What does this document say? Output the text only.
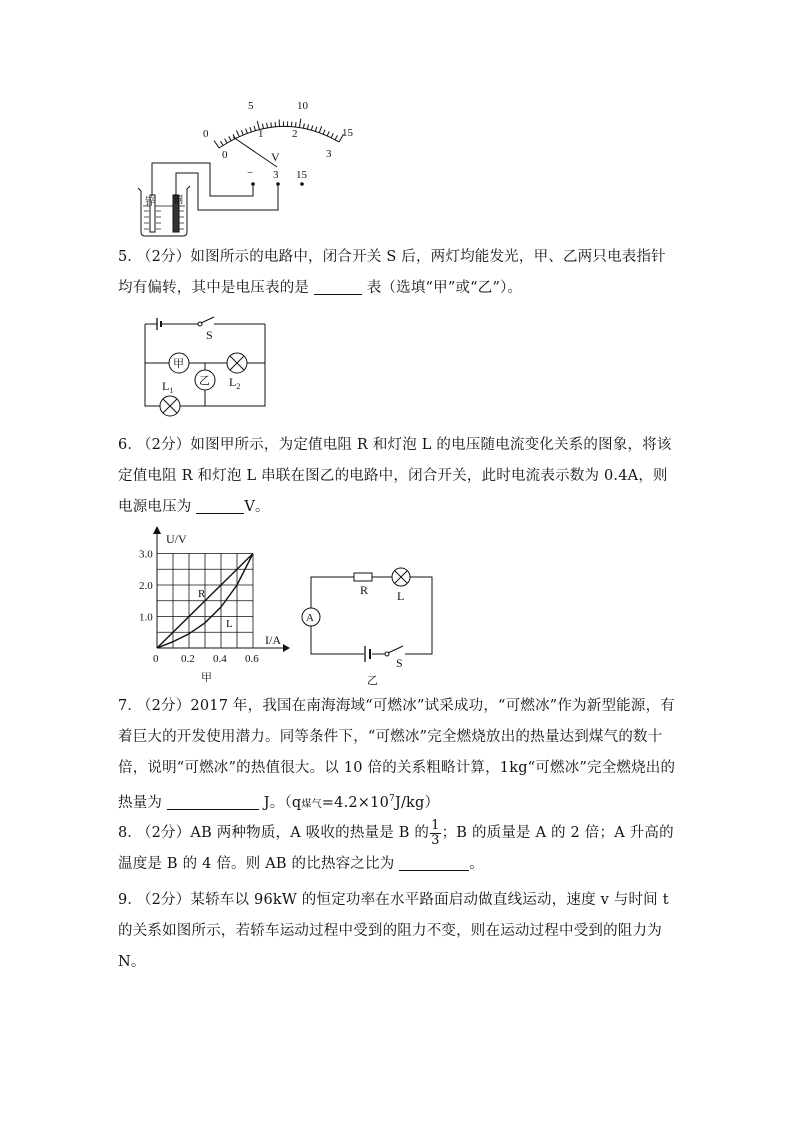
5	10
0	15
0
1	2
3
V
− 3 15
锌 铜
5． （2分）如图所示的电路中，闭合开关 S 后，两灯均能发光，甲、乙两只电表指针均有偏转，其中是电压表的是	表（选填“甲”或“乙”）。
S
甲
$L_2$
乙
$L_1$
6． （2分）如图甲所示，为定值电阻 R 和灯泡 L 的电压随电流变化关系的图象，将该定值电阻 R 和灯泡 L 串联在图乙的电路中，闭合开关，此时电流表示数为 0.4A，则电源电压为	V。
0 0.2 0.4 0.6
1.0
2.0
3.0
U/V
I/A
R
L
甲
R L
A
S
乙
7． （2分）2017 年，我国在南海海域“可燃冰”试采成功，“可燃冰”作为新型能源，有着巨大的开发使用潜力。同等条件下，“可燃冰”完全燃烧放出的热量达到煤气的数十倍，说明“可燃冰”的热值很大。以 10 倍的关系粗略计算，1kg“可燃冰”完全燃烧出的热量为	J。（q煤气$=4.2\times 10^7J/kg$）
8． （2分）AB 两种物质，A 吸收的热量是 B 的 $\frac{1}{3}$ ；B 的质量是 A 的 2 倍；A 升高的温度是 B 的 4 倍。则 AB 的比热容之比为	。
9． （2分）某轿车以 96kW 的恒定功率在水平路面启动做直线运动，速度 v 与时间 t 的关系如图所示，若轿车运动过程中受到的阻力不变，则在运动过程中受到的阻力为
N。
